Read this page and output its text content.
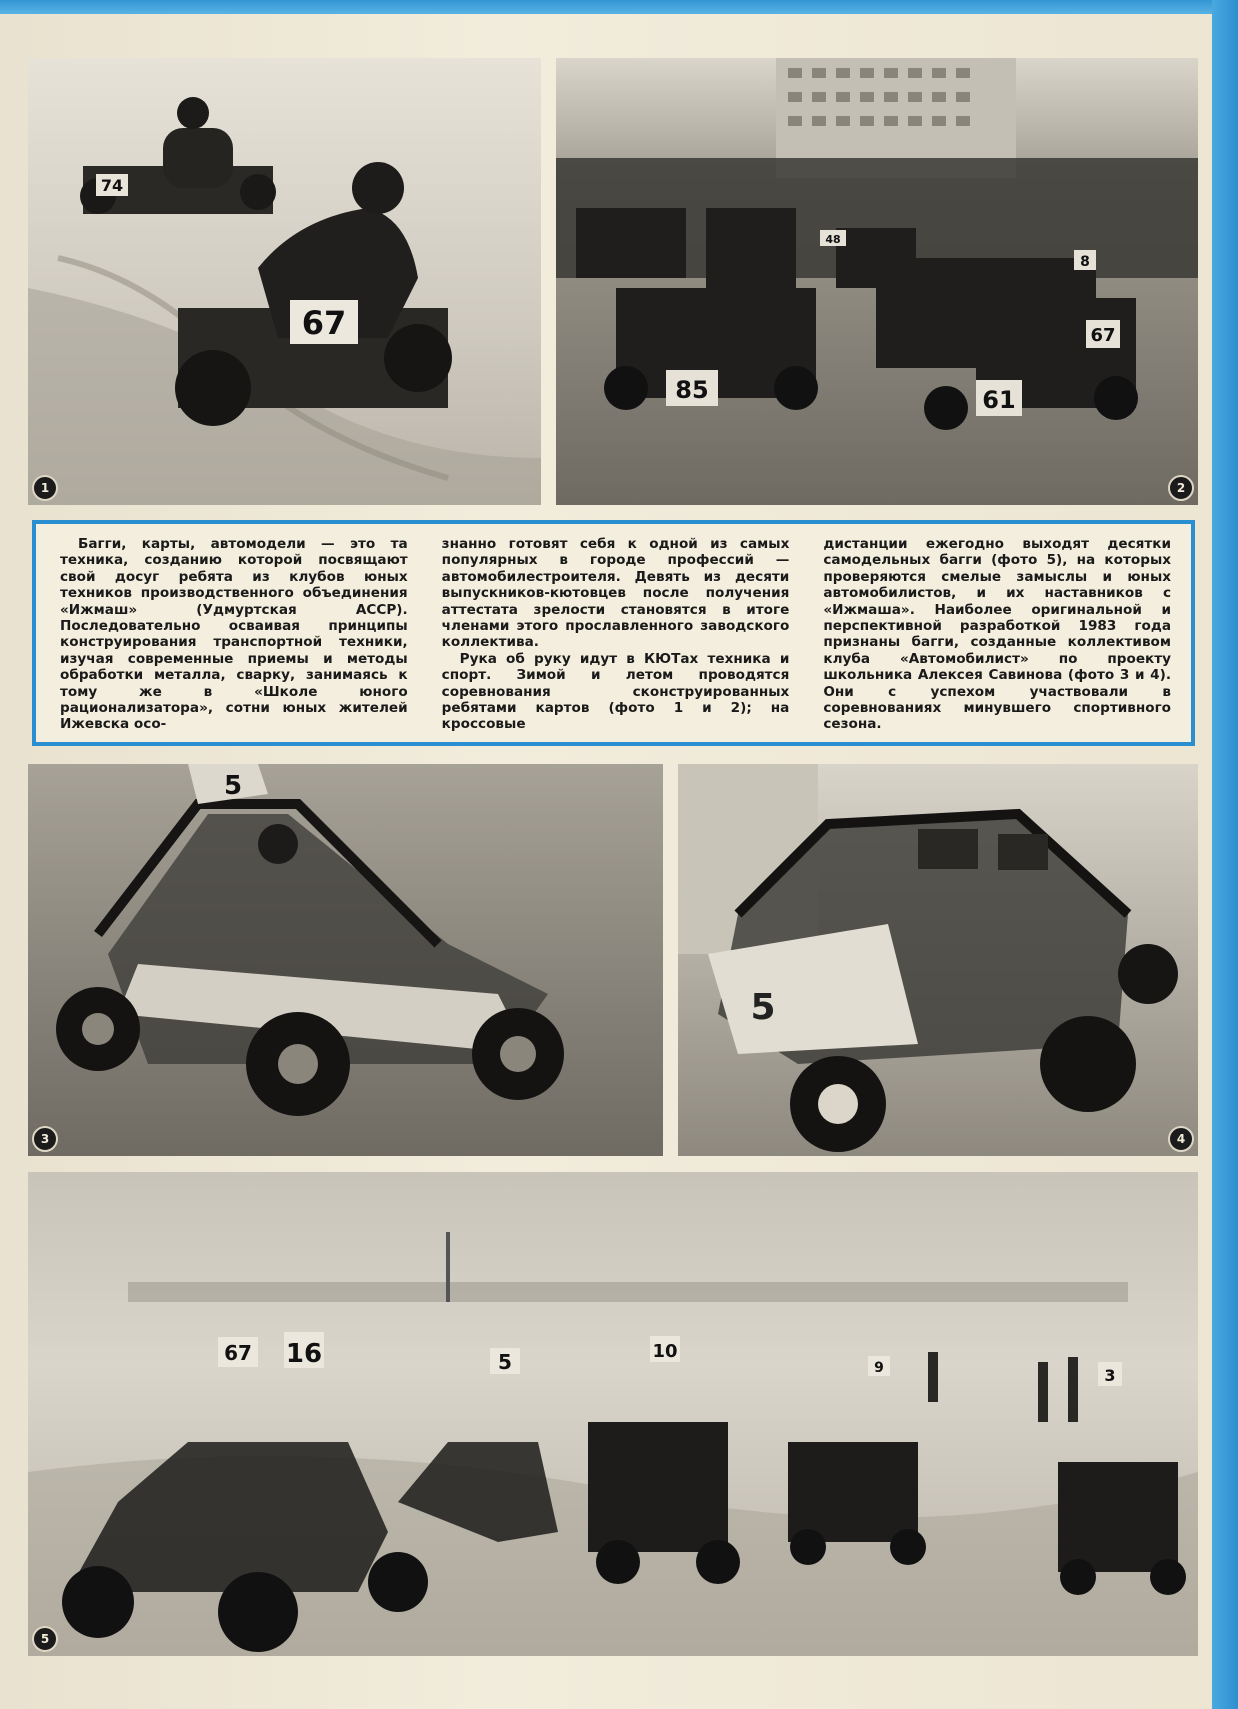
74
67
1
85	61
67
8
48
2

Багги, карты, автомодели — это та техника, созданию которой посвящают свой досуг ребята из клубов юных техников производственного объединения «Ижмаш» (Удмуртская АССР). Последовательно осваивая принципы конструирования транспортной техники, изучая современные приемы и методы обработки металла, сварку, занимаясь к тому же в «Школе юного рационализатора», сотни юных жителей Ижевска осо-

знанно готовят себя к одной из самых популярных в городе профессий — автомобилестроителя. Девять из десяти выпускников-кютовцев после получения аттестата зрелости становятся в итоге членами этого прославленного заводского коллектива.

Рука об руку идут в КЮТах техника и спорт. Зимой и летом проводятся соревнования сконструированных ребятами картов (фото 1 и 2); на кроссовые

дистанции ежегодно выходят десятки самодельных багги (фото 5), на которых проверяются смелые замыслы и юных автомобилистов, и их наставников с «Ижмаша». Наиболее оригинальной и перспективной разработкой 1983 года признаны багги, созданные коллективом клуба «Автомобилист» по проекту школьника Алексея Савинова (фото 3 и 4). Они с успехом участвовали в соревнованиях минувшего спортивного сезона.

5
3
5
4
67 16	5	10
9	3
5
